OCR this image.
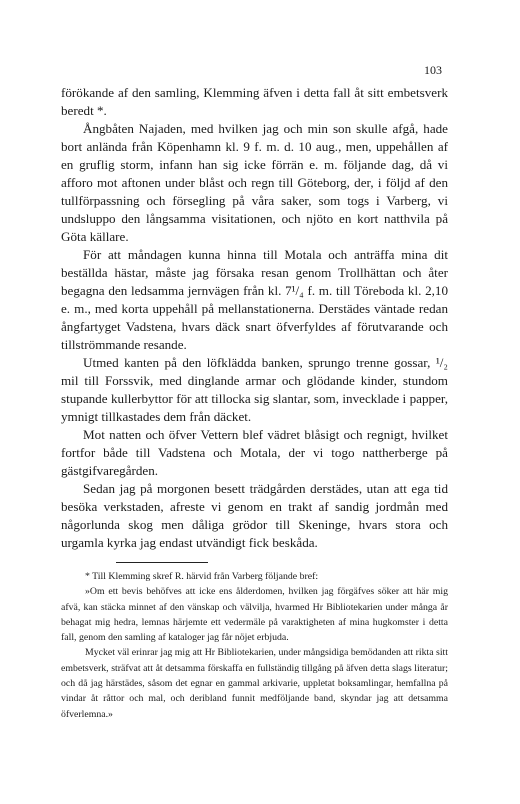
103

förökande af den samling, Klemming äfven i detta fall åt sitt embetsverk beredt *.

Ångbåten Najaden, med hvilken jag och min son skulle afgå, hade bort anlända från Köpenhamn kl. 9 f. m. d. 10 aug., men, uppehållen af en gruflig storm, infann han sig icke förrän e. m. följande dag, då vi afforo mot aftonen under blåst och regn till Göteborg, der, i följd af den tullförpassning och försegling på våra saker, som togs i Varberg, vi undsluppo den långsamma visitationen, och njöto en kort natthvila på Göta källare.

För att måndagen kunna hinna till Motala och anträffa mina dit beställda hästar, måste jag försaka resan genom Trollhättan och åter begagna den ledsamma jernvägen från kl. 7¹/₄ f. m. till Töreboda kl. 2,10 e. m., med korta uppehåll på mellanstationerna. Derstädes väntade redan ångfartyget Vadstena, hvars däck snart öfverfyldes af förutvarande och tillströmmande resande.

Utmed kanten på den löfklädda banken, sprungo trenne gossar, ¹/₂ mil till Forssvik, med dinglande armar och glödande kinder, stundom stupande kullerbyttor för att tillocka sig slantar, som, invecklade i papper, ymnigt tillkastades dem från däcket.

Mot natten och öfver Vettern blef vädret blåsigt och regnigt, hvilket fortfor både till Vadstena och Motala, der vi togo nattherberge på gästgifvaregården.

Sedan jag på morgonen besett trädgården derstädes, utan att ega tid besöka verkstaden, afreste vi genom en trakt af sandig jordmån med någorlunda skog men dåliga grödor till Skeninge, hvars stora och urgamla kyrka jag endast utvändigt fick beskåda.

* Till Klemming skref R. härvid från Varberg följande bref:

»Om ett bevis behöfves att icke ens ålderdomen, hvilken jag förgäfves söker att här mig afvä, kan stäcka minnet af den vänskap och välvilja, hvarmed Hr Bibliotekarien under många år behagat mig hedra, lemnas härjemte ett vedermäle på varaktigheten af mina hugkomster i detta fall, genom den samling af kataloger jag får nöjet erbjuda.

Mycket väl erinrar jag mig att Hr Bibliotekarien, under mångsidiga bemödanden att rikta sitt embetsverk, sträfvat att åt detsamma förskaffa en fullständig tillgång på äfven detta slags literatur; och då jag härstädes, såsom det egnar en gammal arkivarie, uppletat boksamlingar, hemfallna på vindar åt råttor och mal, och deribland funnit medföljande band, skyndar jag att detsamma öfverlemna.»
